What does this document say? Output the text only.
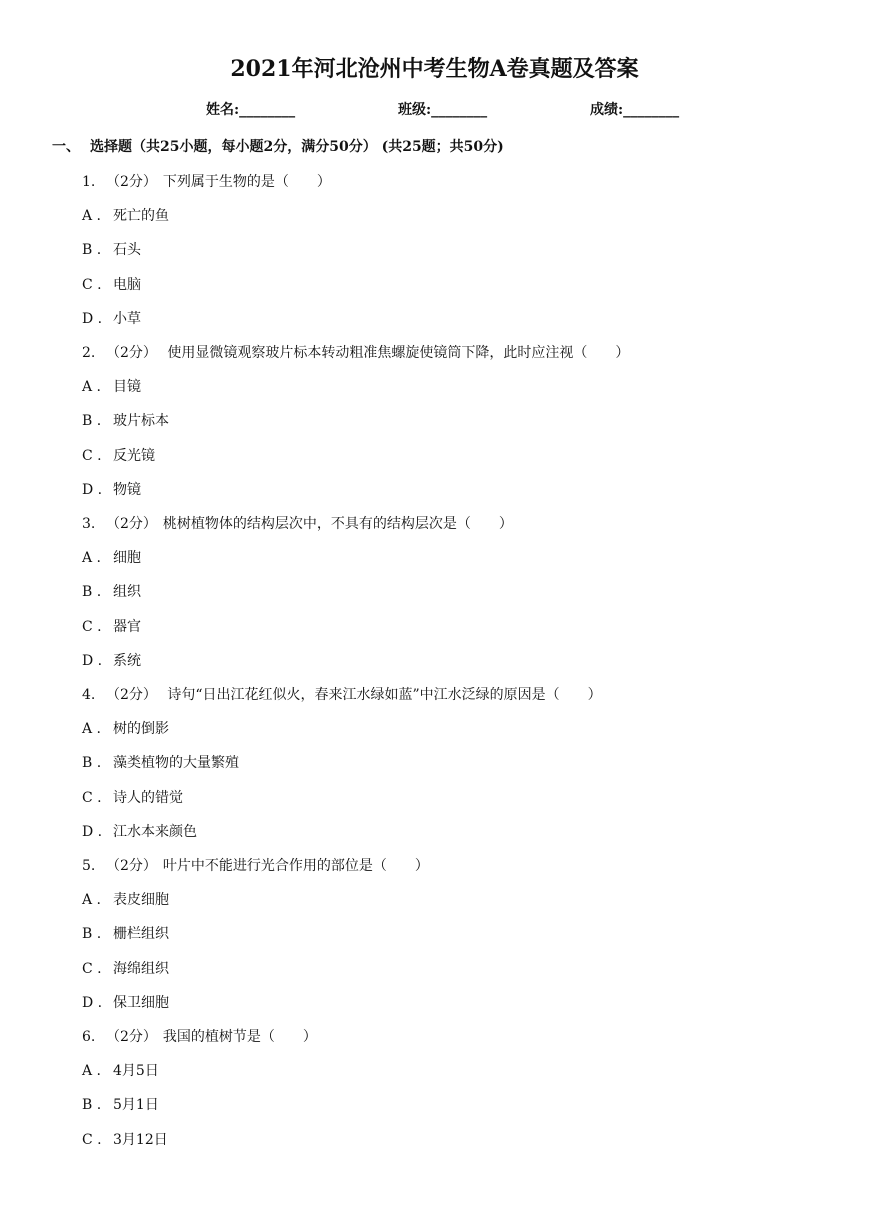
2021年河北沧州中考生物A卷真题及答案
姓名:________	班级:________	成绩:________
一、 选择题（共25小题，每小题2分，满分50分） (共25题；共50分)
1. （2分） 下列属于生物的是（　　）
A . 死亡的鱼
B . 石头
C . 电脑
D . 小草
2. （2分） 使用显微镜观察玻片标本转动粗准焦螺旋使镜筒下降，此时应注视（　　）
A . 目镜
B . 玻片标本
C . 反光镜
D . 物镜
3. （2分） 桃树植物体的结构层次中，不具有的结构层次是（　　）
A . 细胞
B . 组织
C . 器官
D . 系统
4. （2分） 诗句“日出江花红似火，春来江水绿如蓝”中江水泛绿的原因是（　　）
A . 树的倒影
B . 藻类植物的大量繁殖
C . 诗人的错觉
D . 江水本来颜色
5. （2分） 叶片中不能进行光合作用的部位是（　　）
A . 表皮细胞
B . 栅栏组织
C . 海绵组织
D . 保卫细胞
6. （2分） 我国的植树节是（　　）
A . 4月5日
B . 5月1日
C . 3月12日
